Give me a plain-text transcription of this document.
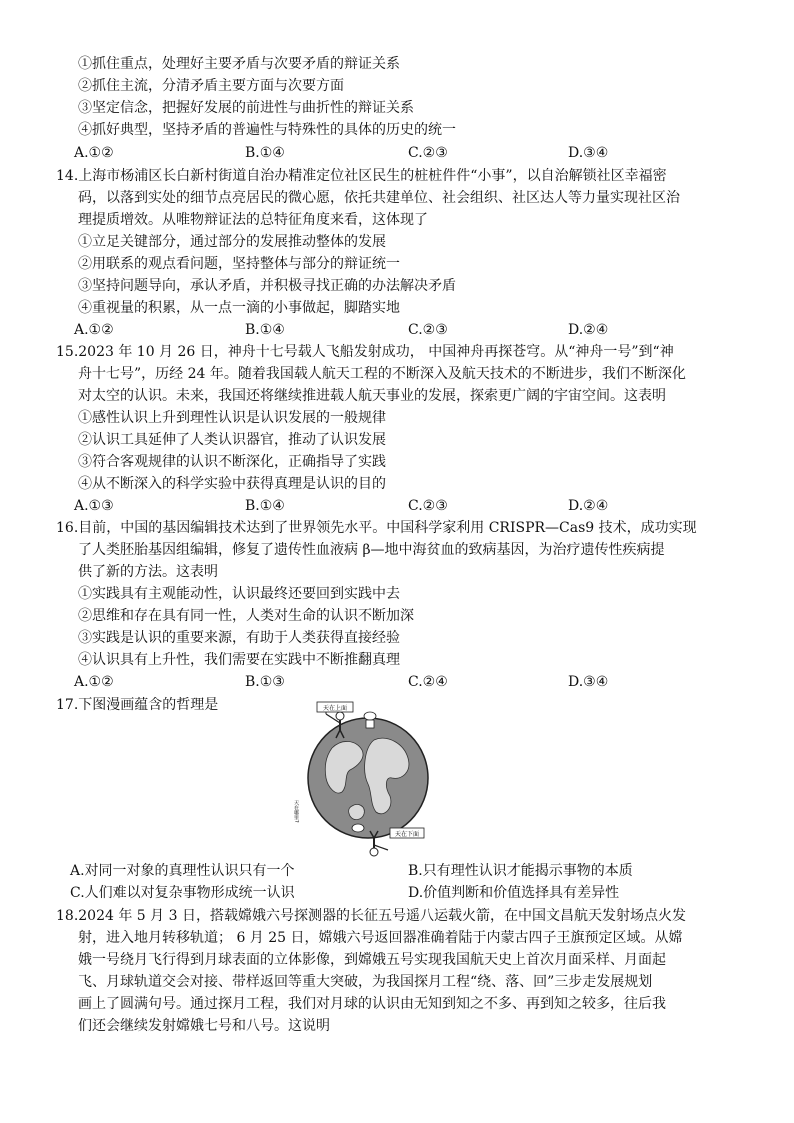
①抓住重点，处理好主要矛盾与次要矛盾的辩证关系
②抓住主流，分清矛盾主要方面与次要方面
③坚定信念，把握好发展的前进性与曲折性的辩证关系
④抓好典型，坚持矛盾的普遍性与特殊性的具体的历史的统一
A.①②	B.①④	C.②③	D.③④
14.上海市杨浦区长白新村街道自治办精准定位社区民生的桩桩件件“小事”，以自治解锁社区幸福密
码，以落到实处的细节点亮居民的微心愿，依托共建单位、社会组织、社区达人等力量实现社区治
理提质增效。从唯物辩证法的总特征角度来看，这体现了
①立足关键部分，通过部分的发展推动整体的发展
②用联系的观点看问题，坚持整体与部分的辩证统一
③坚持问题导向，承认矛盾，并积极寻找正确的办法解决矛盾
④重视量的积累，从一点一滴的小事做起，脚踏实地
A.①②	B.①④	C.②③	D.②④
15.2023 年 10 月 26 日，神舟十七号载人飞船发射成功， 中国神舟再探苍穹。从“神舟一号”到“神
舟十七号”，历经 24 年。随着我国载人航天工程的不断深入及航天技术的不断进步，我们不断深化
对太空的认识。未来，我国还将继续推进载人航天事业的发展，探索更广阔的宇宙空间。这表明
①感性认识上升到理性认识是认识发展的一般规律
②认识工具延伸了人类认识器官，推动了认识发展
③符合客观规律的认识不断深化，正确指导了实践
④从不断深入的科学实验中获得真理是认识的目的
A.①③	B.①④	C.②③	D.②④
16.目前，中国的基因编辑技术达到了世界领先水平。中国科学家利用 CRISPR—Cas9 技术，成功实现
了人类胚胎基因组编辑，修复了遗传性血液病 β—地中海贫血的致病基因，为治疗遗传性疾病提
供了新的方法。这表明
①实践具有主观能动性，认识最终还要回到实践中去
②思维和存在具有同一性，人类对生命的认识不断加深
③实践是认识的重要来源，有助于人类获得直接经验
④认识具有上升性，我们需要在实践中不断推翻真理
A.①②	B.①③	C.②④	D.③④
17.下图漫画蕴含的哲理是	天在上面
天在下面
天在哪里?
A.对同一对象的真理性认识只有一个	B.只有理性认识才能揭示事物的本质
C.人们难以对复杂事物形成统一认识	D.价值判断和价值选择具有差异性
18.2024 年 5 月 3 日，搭载嫦娥六号探测器的长征五号遥八运载火箭，在中国文昌航天发射场点火发
射，进入地月转移轨道； 6 月 25 日，嫦娥六号返回器准确着陆于内蒙古四子王旗预定区域。从嫦
娥一号绕月飞行得到月球表面的立体影像，到嫦娥五号实现我国航天史上首次月面采样、月面起
飞、月球轨道交会对接、带样返回等重大突破，为我国探月工程“绕、落、回”三步走发展规划
画上了圆满句号。通过探月工程，我们对月球的认识由无知到知之不多、再到知之较多，往后我
们还会继续发射嫦娥七号和八号。这说明
